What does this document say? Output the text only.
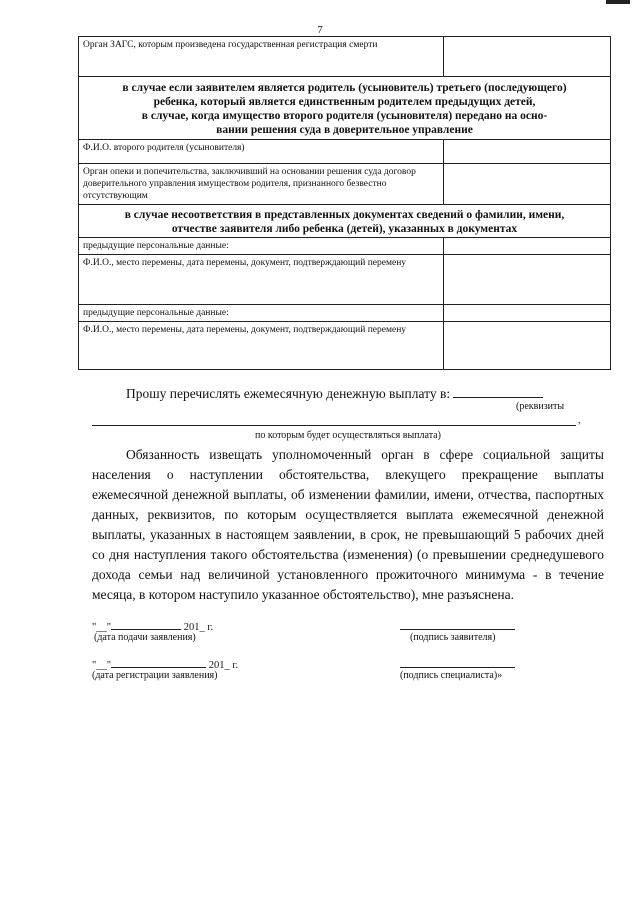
7
Орган ЗАГС, которым произведена государственная регистрация смерти	

в случае если заявителем является родитель (усыновитель) третьего (последующего)
ребенка, который является единственным родителем предыдущих детей,
в случае, когда имущество второго родителя (усыновителя) передано на осно-
вании решения суда в доверительное управление	

Ф.И.О. второго родителя (усыновителя)	
Орган опеки и попечительства, заключивший на основании решения суда договор доверительного управления имуществом родителя, признанного безвестно отсутствующим	

в случае несоответствия в представленных документах сведений о фамилии, имени,
отчестве заявителя либо ребенка (детей), указанных в документах	

предыдущие персональные данные:	
Ф.И.О., место перемены, дата перемены, документ, подтверждающий перемену	
предыдущие персональные данные:	
Ф.И.О., место перемены, дата перемены, документ, подтверждающий перемену	
Прошу перечислять ежемесячную денежную выплату в:
(реквизиты
,
по которым будет осуществляться выплата)
Обязанность извещать уполномоченный орган в сфере социальной защиты населения о наступлении обстоятельства, влекущего прекращение выплаты ежемесячной денежной выплаты, об изменении фамилии, имени, отчества, паспортных данных, реквизитов, по которым осуществляется выплата ежемесячной денежной выплаты, указанных в настоящем заявлении, в срок, не превышающий 5 рабочих дней со дня наступления такого обстоятельства (изменения) (о превышении среднедушевого дохода семьи над величиной установленного прожиточного минимума - в течение месяца, в котором наступило указанное обстоятельство), мне разъяснена.
"__"	201_ г.
(дата подачи заявления)	(подпись заявителя)
"__"	201_ г.
(дата регистрации заявления)	(подпись специалиста)»
